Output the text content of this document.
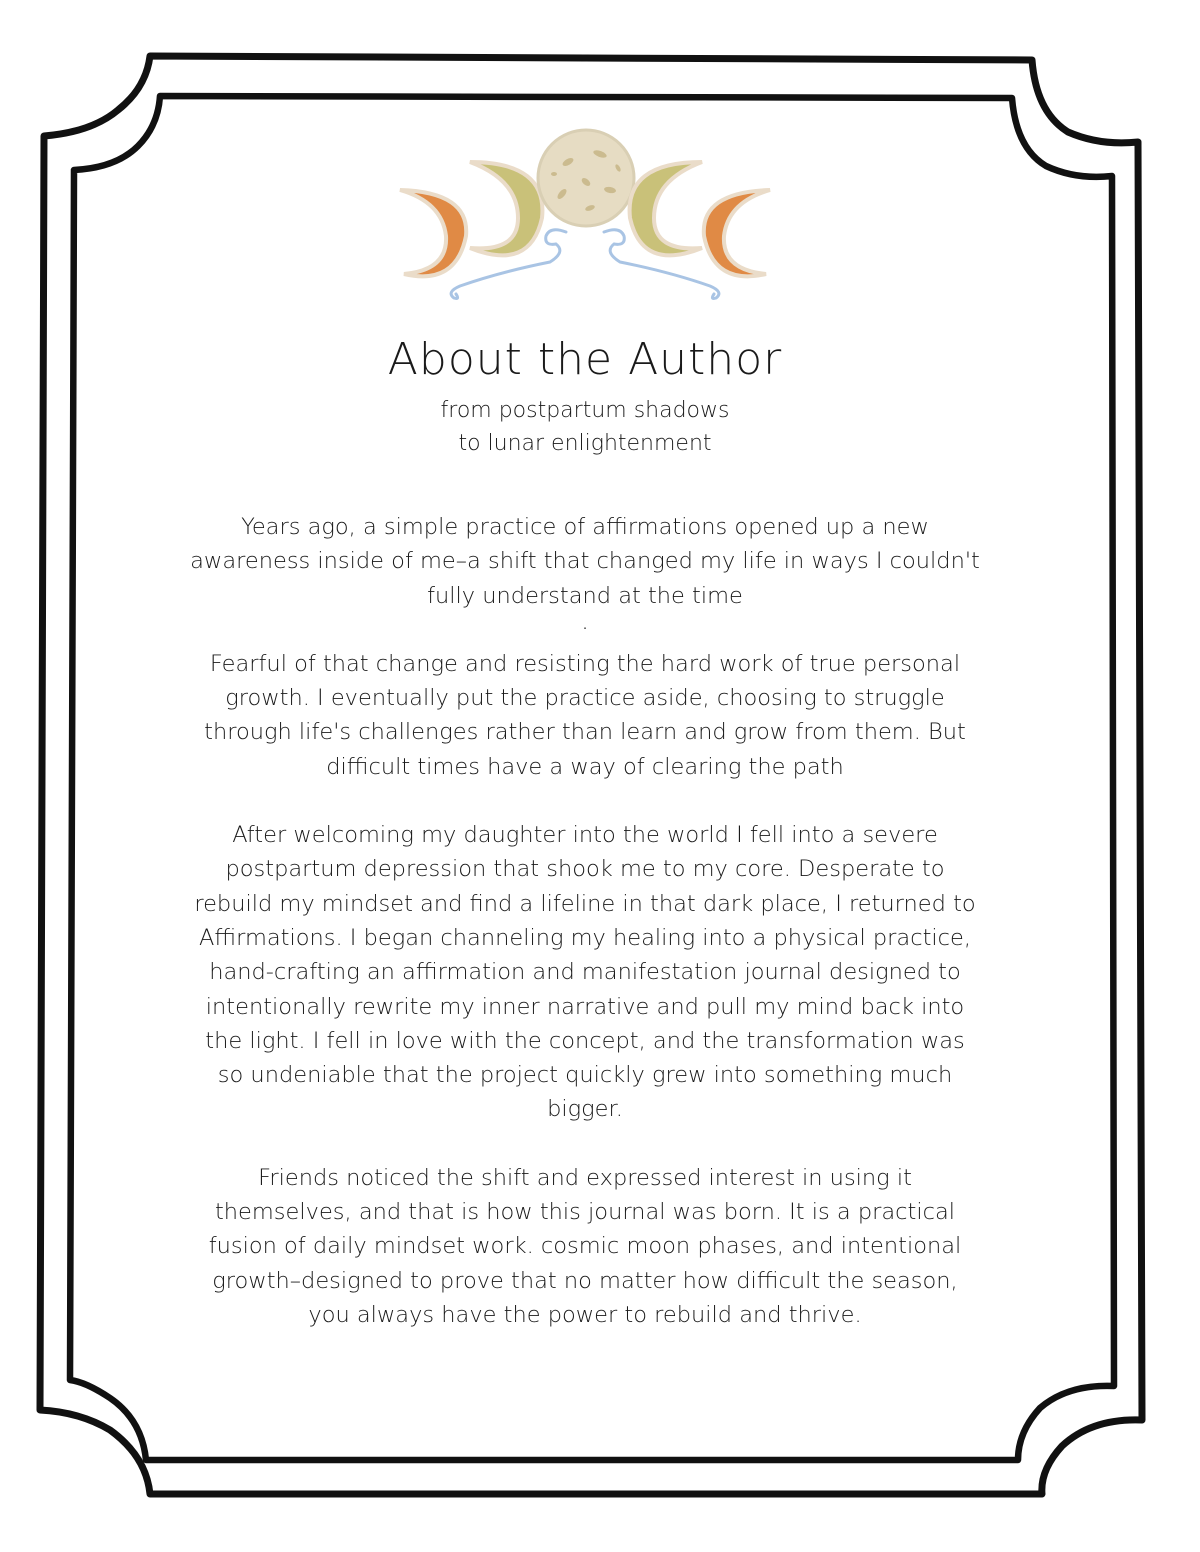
About the Author
from postpartum shadows
to lunar enlightenment

Years ago, a simple practice of affirmations opened up a new awareness inside of me–a shift that changed my life in ways I couldn't fully understand at the time

.

Fearful of that change and resisting the hard work of true personal growth. I eventually put the practice aside, choosing to struggle through life's challenges rather than learn and grow from them. But difficult times have a way of clearing the path

After welcoming my daughter into the world I fell into a severe postpartum depression that shook me to my core. Desperate to rebuild my mindset and find a lifeline in that dark place, I returned to Affirmations. I began channeling my healing into a physical practice, hand-crafting an affirmation and manifestation journal designed to intentionally rewrite my inner narrative and pull my mind back into the light. I fell in love with the concept, and the transformation was so undeniable that the project quickly grew into something much bigger.

Friends noticed the shift and expressed interest in using it themselves, and that is how this journal was born. It is a practical fusion of daily mindset work. cosmic moon phases, and intentional growth–designed to prove that no matter how difficult the season, you always have the power to rebuild and thrive.
